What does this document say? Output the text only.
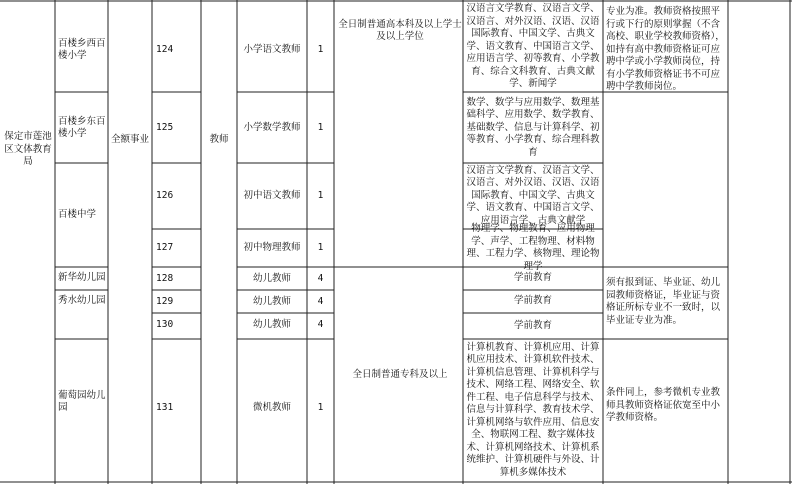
保定市莲池区文体教育局
全额事业	教师
百楼乡西百楼小学
百楼乡东百楼小学
百楼中学
新华幼儿园
秀水幼儿园
葡萄园幼儿园
124
125
126
127
128
129
130
131
小学语文教师
小学数学教师
初中语文教师
初中物理教师
幼儿教师
幼儿教师
幼儿教师
微机教师
1
1
1
1
4
4
4
1
全日制普通高本科及以上学士及以上学位
全日制普通专科及以上
汉语言文学教育、汉语言文学、汉语言、对外汉语、汉语、汉语国际教育、中国文学、古典文学、语文教育、中国语言文学、应用语言学、初等教育、小学教育、综合文科教育、古典文献学、新闻学
数学、数学与应用数学、数理基础科学、应用数学、数学教育、基础数学、信息与计算科学、初等教育、小学教育、综合理科教育
汉语言文学教育、汉语言文学、汉语言、对外汉语、汉语、汉语国际教育、中国文学、古典文学、语文教育、中国语言文学、应用语言学、古典文献学
物理学、物理教育、应用物理学、声学、工程物理、材料物理、工程力学、核物理、理论物理学
学前教育
学前教育
学前教育
计算机教育、计算机应用、计算机应用技术、计算机软件技术、计算机信息管理、计算机科学与技术、网络工程、网络安全、软件工程、电子信息科学与技术、信息与计算科学、教育技术学、计算机网络与软件应用、信息安全、物联网工程、数字媒体技术、计算机网络技术、计算机系统维护、计算机硬件与外设、计算机多媒体技术
专业为准。教师资格按照平行或下行的原则掌握（不含高校、职业学校教师资格），如持有高中教师资格证可应聘中学或小学教师岗位，持有小学教师资格证书不可应聘中学教师岗位。
须有报到证、毕业证、幼儿园教师资格证，毕业证与资格证所标专业不一致时，以毕业证专业为准。
条件同上，参考微机专业教师具教师资格证依宽至中小学教师资格。
